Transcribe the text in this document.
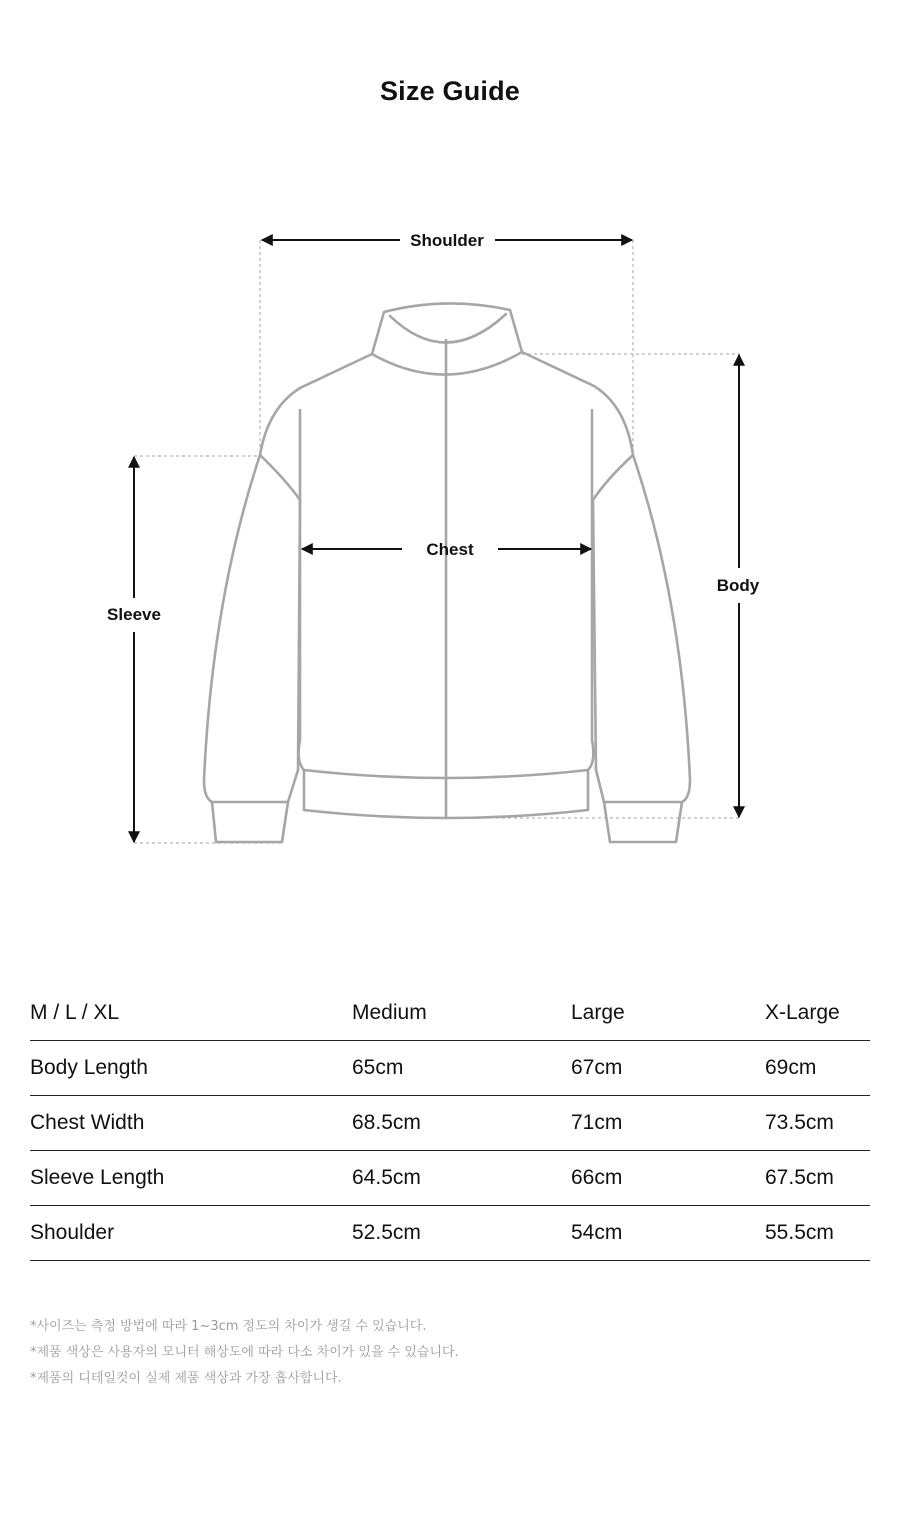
Size Guide
Shoulder
Chest
Sleeve
Body
M / L / XL	Medium	Large	X-Large
Body Length	65cm	67cm	69cm
Chest Width	68.5cm	71cm	73.5cm
Sleeve Length	64.5cm	66cm	67.5cm
Shoulder	52.5cm	54cm	55.5cm
*사이즈는 측정 방법에 따라 1~3cm 정도의 차이가 생길 수 있습니다.
*제품 색상은 사용자의 모니터 해상도에 따라 다소 차이가 있을 수 있습니다.
*제품의 디테일컷이 실제 제품 색상과 가장 흡사합니다.
